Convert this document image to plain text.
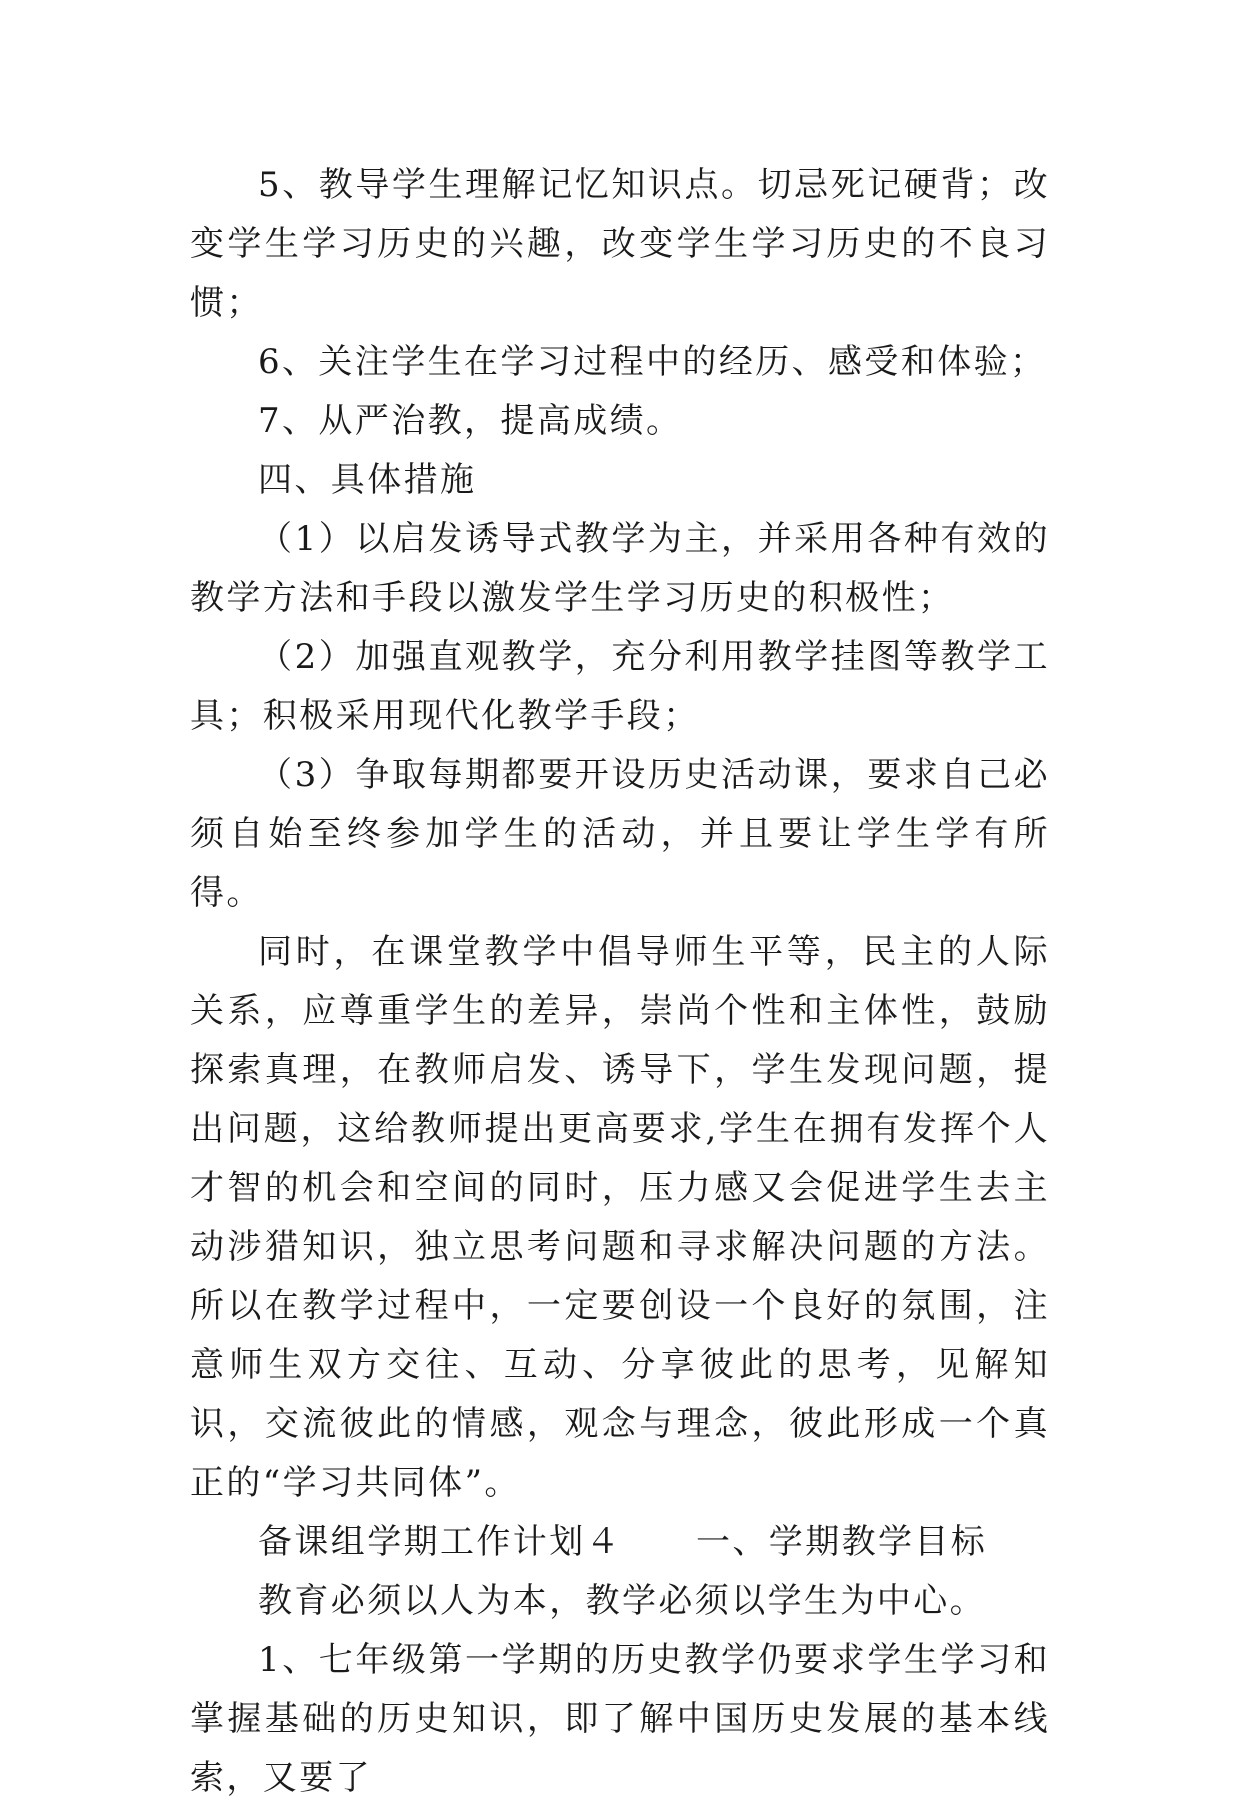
5、教导学生理解记忆知识点。切忌死记硬背；改变学生学习历史的兴趣，改变学生学习历史的不良习惯；

6、关注学生在学习过程中的经历、感受和体验；

7、从严治教，提高成绩。

四、具体措施

（1）以启发诱导式教学为主，并采用各种有效的教学方法和手段以激发学生学习历史的积极性；

（2）加强直观教学，充分利用教学挂图等教学工具；积极采用现代化教学手段；

（3）争取每期都要开设历史活动课，要求自己必须自始至终参加学生的活动，并且要让学生学有所得。

同时，在课堂教学中倡导师生平等，民主的人际关系，应尊重学生的差异，崇尚个性和主体性，鼓励探索真理，在教师启发、诱导下，学生发现问题，提出问题，这给教师提出更高要求,学生在拥有发挥个人才智的机会和空间的同时，压力感又会促进学生去主动涉猎知识，独立思考问题和寻求解决问题的方法。所以在教学过程中，一定要创设一个良好的氛围，注意师生双方交往、互动、分享彼此的思考，见解知识，交流彼此的情感，观念与理念，彼此形成一个真正的“学习共同体”。

备课组学期工作计划４ 一、学期教学目标

教育必须以人为本，教学必须以学生为中心。

1、七年级第一学期的历史教学仍要求学生学习和掌握基础的历史知识，即了解中国历史发展的基本线索，又要了
